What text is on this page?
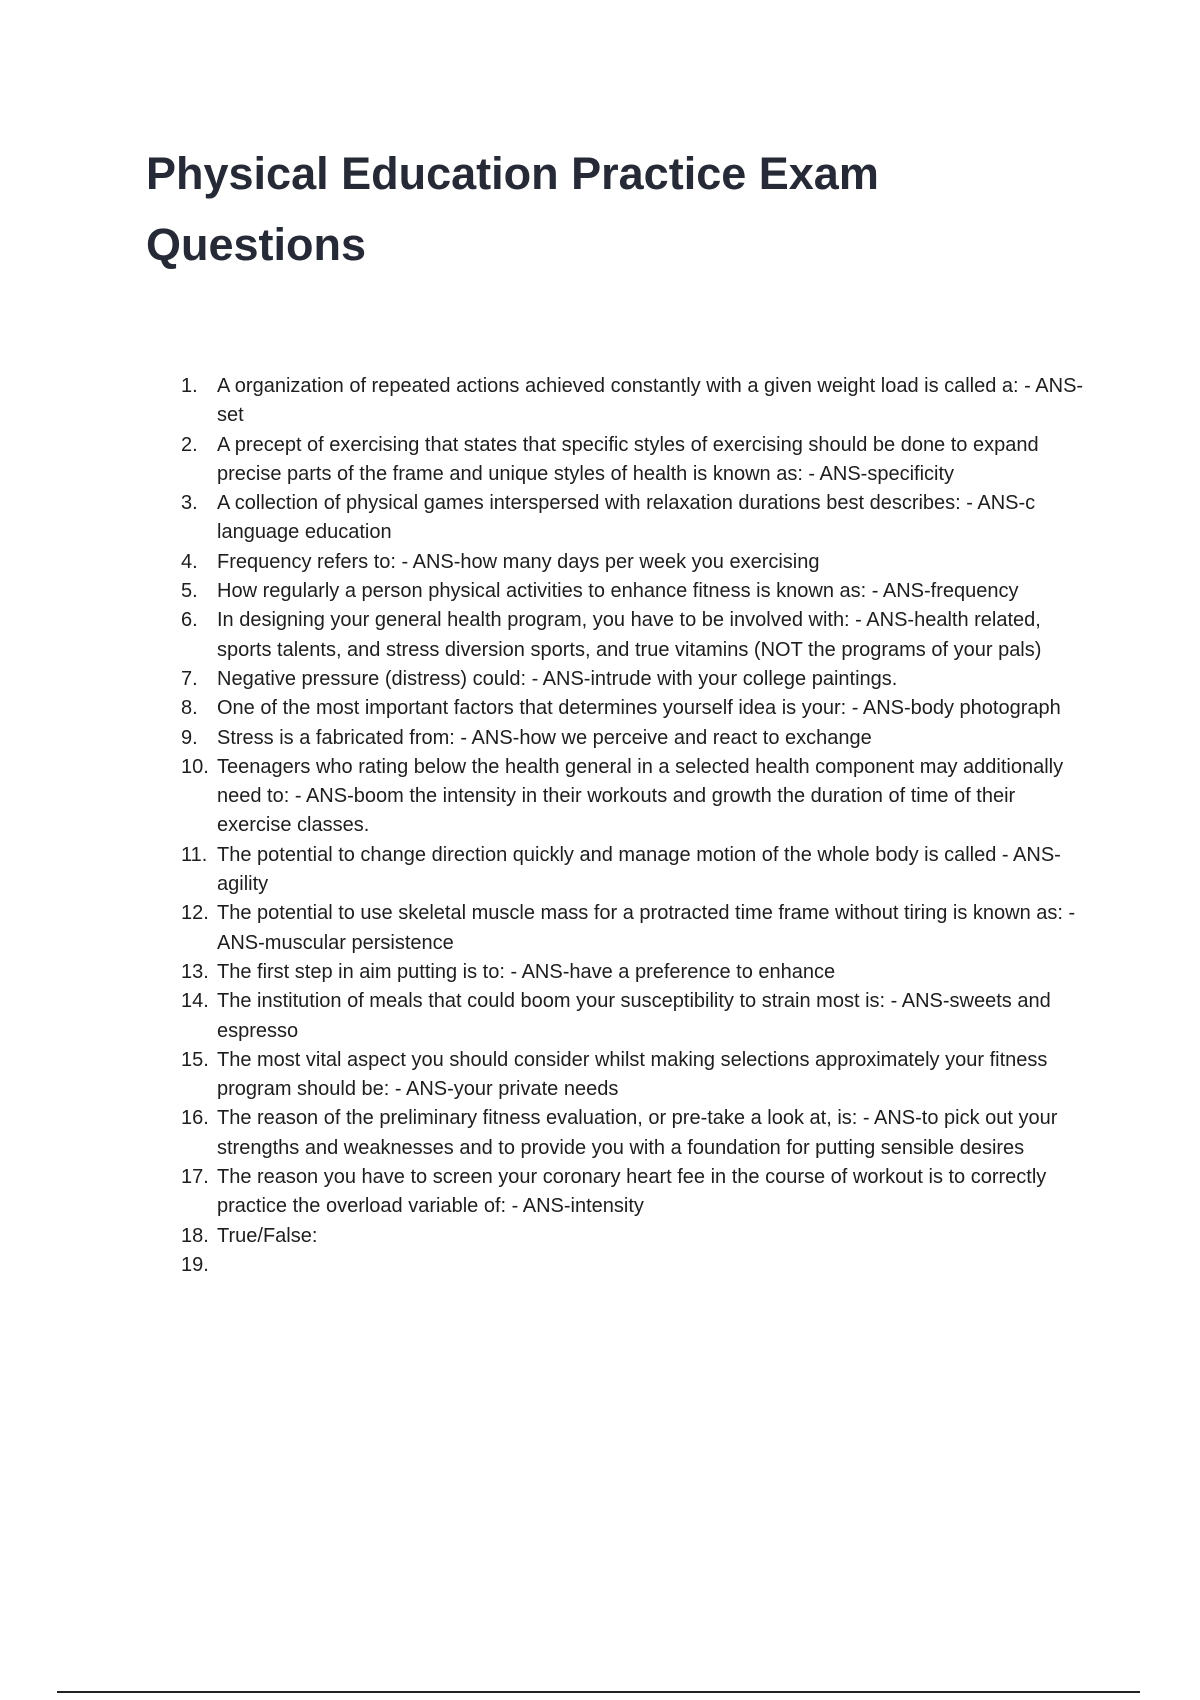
Physical Education Practice Exam Questions
1. A organization of repeated actions achieved constantly with a given weight load is called a: - ANS-set
2. A precept of exercising that states that specific styles of exercising should be done to expand precise parts of the frame and unique styles of health is known as: - ANS-specificity
3. A collection of physical games interspersed with relaxation durations best describes: - ANS-c language education
4. Frequency refers to: - ANS-how many days per week you exercising
5. How regularly a person physical activities to enhance fitness is known as: - ANS-frequency
6. In designing your general health program, you have to be involved with: - ANS-health related, sports talents, and stress diversion sports, and true vitamins (NOT the programs of your pals)
7. Negative pressure (distress) could: - ANS-intrude with your college paintings.
8. One of the most important factors that determines yourself idea is your: - ANS-body photograph
9. Stress is a fabricated from: - ANS-how we perceive and react to exchange
10. Teenagers who rating below the health general in a selected health component may additionally need to: - ANS-boom the intensity in their workouts and growth the duration of time of their exercise classes.
11. The potential to change direction quickly and manage motion of the whole body is called - ANS-agility
12. The potential to use skeletal muscle mass for a protracted time frame without tiring is known as: - ANS-muscular persistence
13. The first step in aim putting is to: - ANS-have a preference to enhance
14. The institution of meals that could boom your susceptibility to strain most is: - ANS-sweets and espresso
15. The most vital aspect you should consider whilst making selections approximately your fitness program should be: - ANS-your private needs
16. The reason of the preliminary fitness evaluation, or pre-take a look at, is: - ANS-to pick out your strengths and weaknesses and to provide you with a foundation for putting sensible desires
17. The reason you have to screen your coronary heart fee in the course of workout is to correctly practice the overload variable of: - ANS-intensity
18. True/False:
19.
